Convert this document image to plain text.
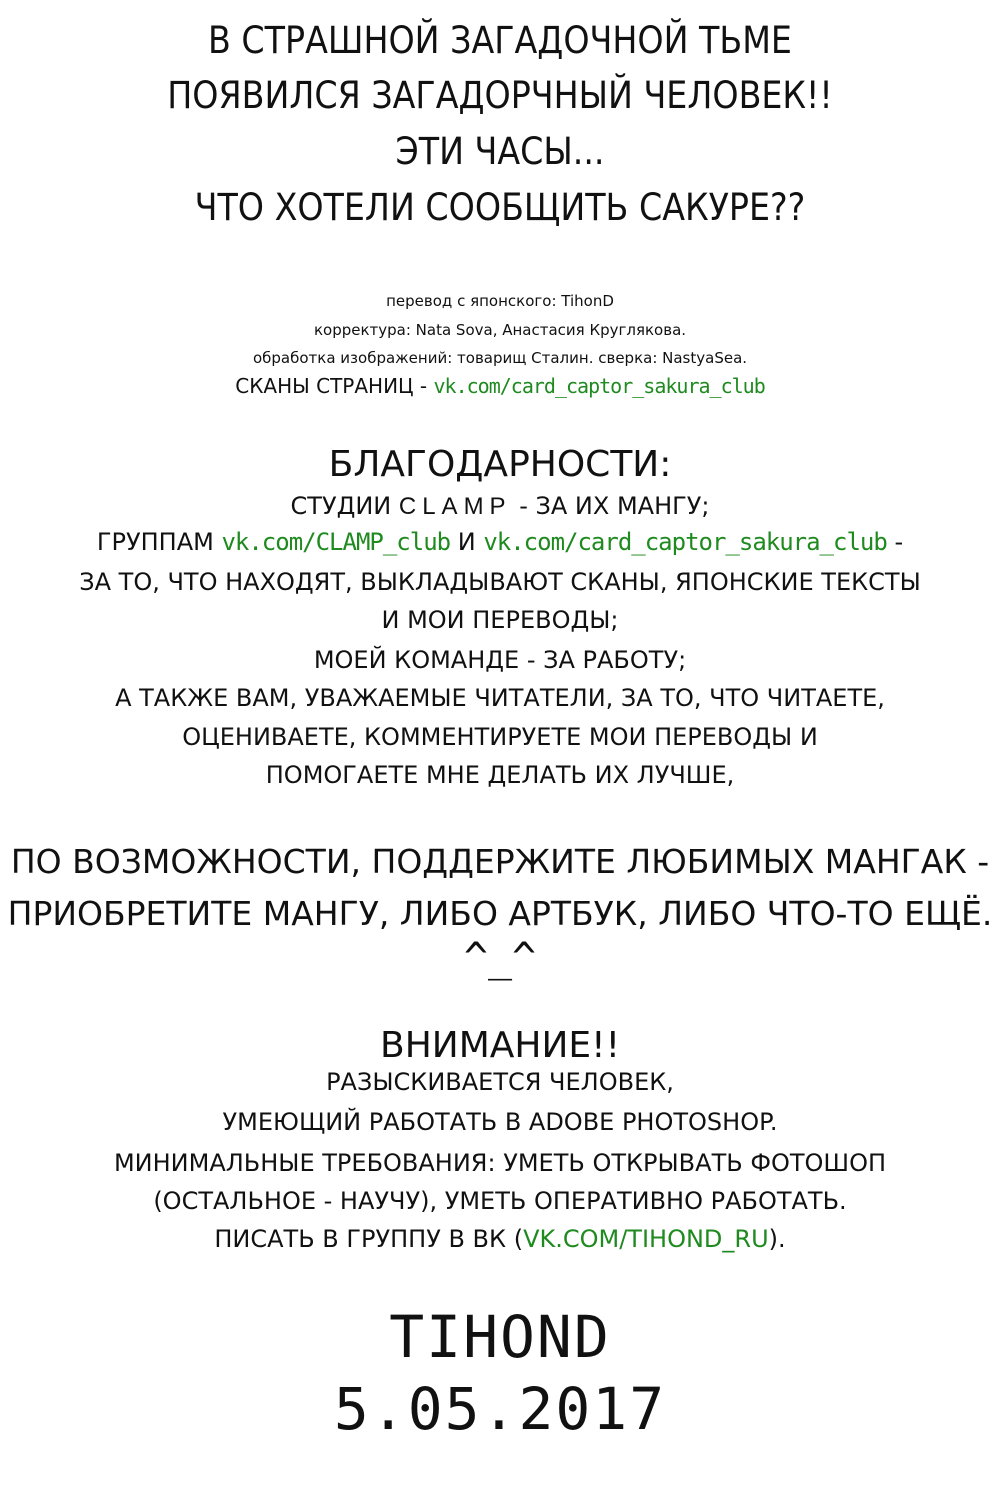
В СТРАШНОЙ ЗАГАДОЧНОЙ ТЬМЕ
ПОЯВИЛСЯ ЗАГАДОРЧНЫЙ ЧЕЛОВЕК!!
ЭТИ ЧАСЫ...
ЧТО ХОТЕЛИ СООБЩИТЬ САКУРЕ??
перевод с японского: TihonD
корректура: Nata Sova, Анастасия Круглякова.
обработка изображений: товарищ Сталин. сверка: NastyaSea.
СКАНЫ СТРАНИЦ - vk.com/card_captor_sakura_club
БЛАГОДАРНОСТИ:
СТУДИИ CLAMP - ЗА ИХ МАНГУ;
ГРУППАМ vk.com/CLAMP_club И vk.com/card_captor_sakura_club -
ЗА ТО, ЧТО НАХОДЯТ, ВЫКЛАДЫВАЮТ СКАНЫ, ЯПОНСКИЕ ТЕКСТЫ
И МОИ ПЕРЕВОДЫ;
МОЕЙ КОМАНДЕ - ЗА РАБОТУ;
А ТАКЖЕ ВАМ, УВАЖАЕМЫЕ ЧИТАТЕЛИ, ЗА ТО, ЧТО ЧИТАЕТЕ,
ОЦЕНИВАЕТЕ, КОММЕНТИРУЕТЕ МОИ ПЕРЕВОДЫ И
ПОМОГАЕТЕ МНЕ ДЕЛАТЬ ИХ ЛУЧШЕ,
ПО ВОЗМОЖНОСТИ, ПОДДЕРЖИТЕ ЛЮБИМЫХ МАНГАК -
ПРИОБРЕТИТЕ МАНГУ, ЛИБО АРТБУК, ЛИБО ЧТО-ТО ЕЩЁ.
^_^
ВНИМАНИЕ!!
РАЗЫСКИВАЕТСЯ ЧЕЛОВЕК,
УМЕЮЩИЙ РАБОТАТЬ В ADOBE PHOTOSHOP.
МИНИМАЛЬНЫЕ ТРЕБОВАНИЯ: УМЕТЬ ОТКРЫВАТЬ ФОТОШОП
(ОСТАЛЬНОЕ - НАУЧУ), УМЕТЬ ОПЕРАТИВНО РАБОТАТЬ.
ПИСАТЬ В ГРУППУ В ВК (VK.COM/TIHOND_RU).
TIHOND
5.05.2017
